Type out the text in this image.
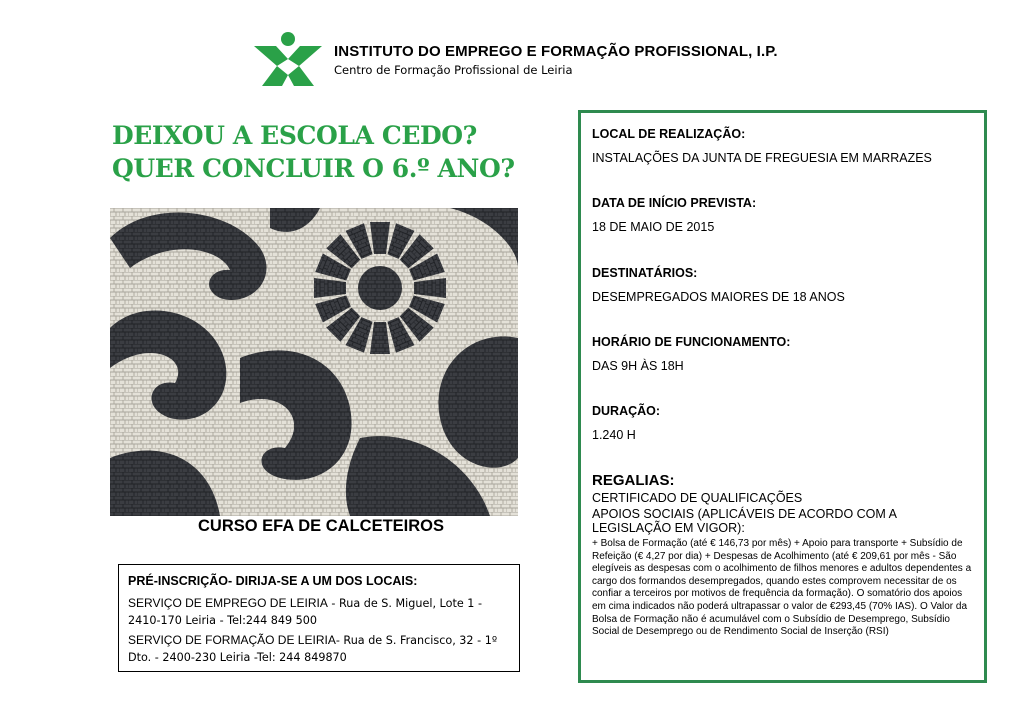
INSTITUTO DO EMPREGO E FORMAÇÃO PROFISSIONAL, I.P.
Centro de Formação Profissional de Leiria
DEIXOU A ESCOLA CEDO?
QUER CONCLUIR O 6.º ANO?
CURSO EFA DE CALCETEIROS
PRÉ-INSCRIÇÃO- DIRIJA-SE A UM DOS LOCAIS:
SERVIÇO DE EMPREGO DE LEIRIA - Rua de S. Miguel, Lote 1 - 2410-170 Leiria - Tel:244 849 500
SERVIÇO DE FORMAÇÃO DE LEIRIA- Rua de S. Francisco, 32 - 1º Dto. - 2400-230 Leiria -Tel: 244 849870
LOCAL DE REALIZAÇÃO:
INSTALAÇÕES DA JUNTA DE FREGUESIA EM MARRAZES
DATA DE INÍCIO PREVISTA:
18 DE MAIO DE 2015
DESTINATÁRIOS:
DESEMPREGADOS MAIORES DE 18 ANOS
HORÁRIO DE FUNCIONAMENTO:
DAS 9H ÀS 18H
DURAÇÃO:
1.240 H
REGALIAS:
CERTIFICADO DE QUALIFICAÇÕES
APOIOS SOCIAIS (APLICÁVEIS DE ACORDO COM A
LEGISLAÇÃO EM VIGOR):
+ Bolsa de Formação (até € 146,73 por mês) + Apoio para transporte + Subsídio de Refeição (€ 4,27 por dia) + Despesas de Acolhimento (até € 209,61 por mês - São elegíveis as despesas com o acolhimento de filhos menores e adultos dependentes a cargo dos formandos desempregados, quando estes comprovem necessitar de os confiar a terceiros por motivos de frequência da formação). O somatório dos apoios em cima indicados não poderá ultrapassar o valor de €293,45 (70% IAS). O Valor da Bolsa de Formação não é acumulável com o Subsídio de Desemprego, Subsídio Social de Desemprego ou de Rendimento Social de Inserção (RSI)
